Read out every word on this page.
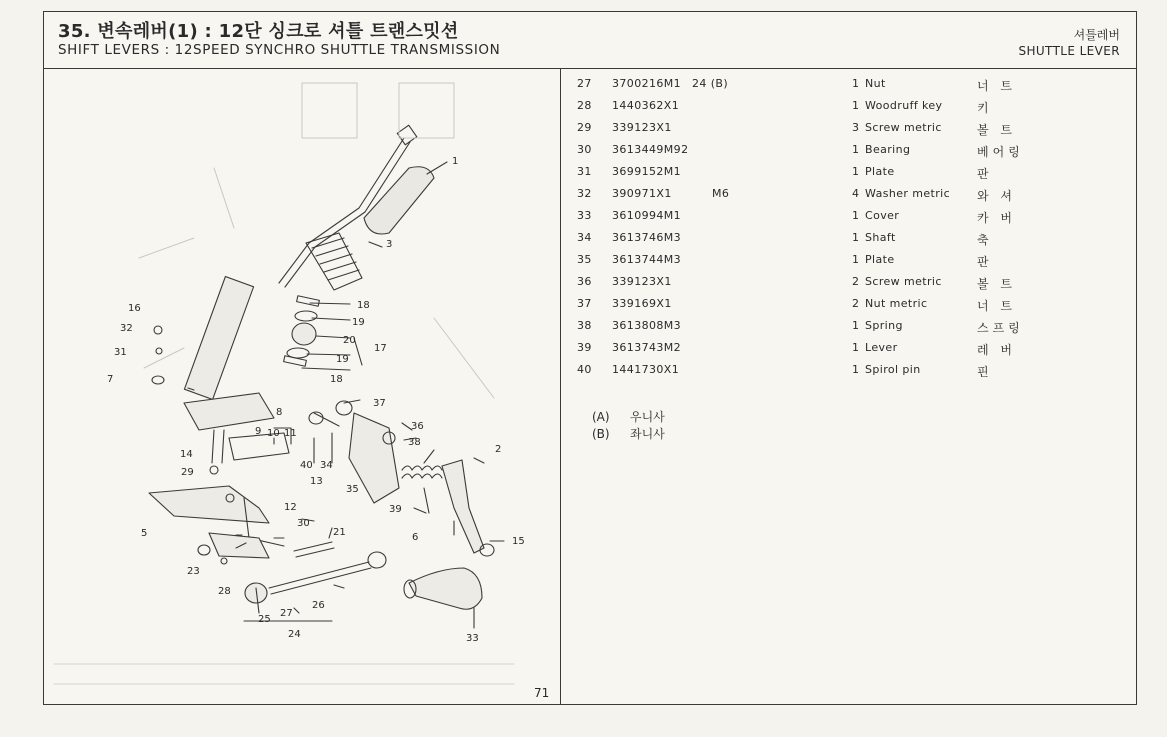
35. 변속레버(1) : 12단 싱크로 셔틀 트랜스밋션
SHIFT LEVERS : 12SPEED SYNCHRO SHUTTLE TRANSMISSION
셔틀레버
SHUTTLE LEVER
1
2
3
5	6
7
8
9 10 11
12
13
14
15
16
17
18
18
19
19
20
21
23
24
25
26
27
28
29
30
31
32
33
34
35
36
37
38
39
40
71
27 3700216M1 24 (B)	1 Nut	너 트
28 1440362X1	1 Woodruff key	키
29 339123X1	3 Screw metric	볼 트
30 3613449M92	1 Bearing	베어링
31 3699152M1	1 Plate	판
32 390971X1	M6	4 Washer metric 와 셔
33 3610994M1	1 Cover	카 버
34 3613746M3	1 Shaft	축
35 3613744M3	1 Plate	판
36 339123X1	2 Screw metric	볼 트
37 339169X1	2 Nut metric	너 트
38 3613808M3	1 Spring	스프링
39 3613743M2	1 Lever	레 버
40 1441730X1	1 Spirol pin	핀
(A) 우니사
(B) 좌니사
